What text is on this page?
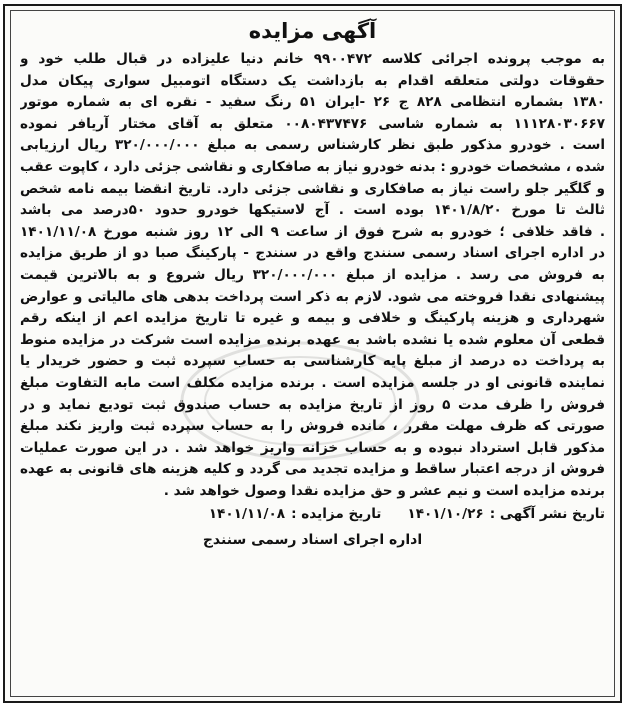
آگهی مزایده
به موجب پرونده اجرائی کلاسه ۹۹۰۰۴۷۲ خانم دنیا علیزاده در قبال طلب خود و
حقوقات دولتی متعلقه اقدام به بازداشت یک دستگاه اتومبیل سواری پیکان مدل
۱۳۸۰ بشماره انتظامی ۸۲۸ ج ۲۶ -ایران ۵۱ رنگ سفید - نقره ای به شماره موتور
۱۱۱۲۸۰۳۰۶۶۷ به شماره شاسی ۰۰۸۰۴۳۷۴۷۶ متعلق به آقای مختار آریافر نموده
است . خودرو مذکور طبق نظر کارشناس رسمی به مبلغ ۳۲۰/۰۰۰/۰۰۰ ریال ارزیابی
شده ، مشخصات خودرو : بدنه خودرو نیاز به صافکاری و نقاشی جزئی دارد ، کاپوت عقب
و گلگیر جلو راست نیاز به صافکاری و نقاشی جزئی دارد. تاریخ انقضا بیمه نامه شخص
ثالث تا مورخ ۱۴۰۱/۸/۲۰ بوده است . آج لاستیکها خودرو حدود ۵۰درصد می باشد
. فاقد خلافی ؛ خودرو به شرح فوق از ساعت ۹ الی ۱۲ روز شنبه مورخ ۱۴۰۱/۱۱/۰۸
در اداره اجرای اسناد رسمی سنندج واقع در سنندج - پارکینگ صبا دو از طریق مزایده
به فروش می رسد . مزایده از مبلغ ۳۲۰/۰۰۰/۰۰۰ ریال شروع و به بالاترین قیمت
پیشنهادی نقدا فروخته می شود. لازم به ذکر است پرداخت بدهی های مالیاتی و عوارض
شهرداری و هزینه پارکینگ و خلافی و بیمه و غیره تا تاریخ مزایده اعم از اینکه رقم
قطعی آن معلوم شده یا نشده باشد به عهده برنده مزایده است شرکت در مزایده منوط
به پرداخت ده درصد از مبلغ پایه کارشناسی به حساب سپرده ثبت و حضور خریدار یا
نماینده قانونی او در جلسه مزایده است . برنده مزایده مکلف است مابه التفاوت مبلغ
فروش را ظرف مدت ۵ روز از تاریخ مزایده به حساب صندوق ثبت تودیع نماید و در
صورتی که ظرف مهلت مقرر ، مانده فروش را به حساب سپرده ثبت واریز نکند مبلغ
مذکور قابل استرداد نبوده و به حساب خزانه واریز خواهد شد . در این صورت عملیات
فروش از درجه اعتبار ساقط و مزایده تجدید می گردد و کلیه هزینه های قانونی به عهده
برنده مزایده است و نیم عشر و حق مزایده نقدا وصول خواهد شد .
تاریخ نشر آگهی :
۱۴۰۱/۱۰/۲۶
تاریخ مزایده :
۱۴۰۱/۱۱/۰۸
اداره اجرای اسناد رسمی سنندج
